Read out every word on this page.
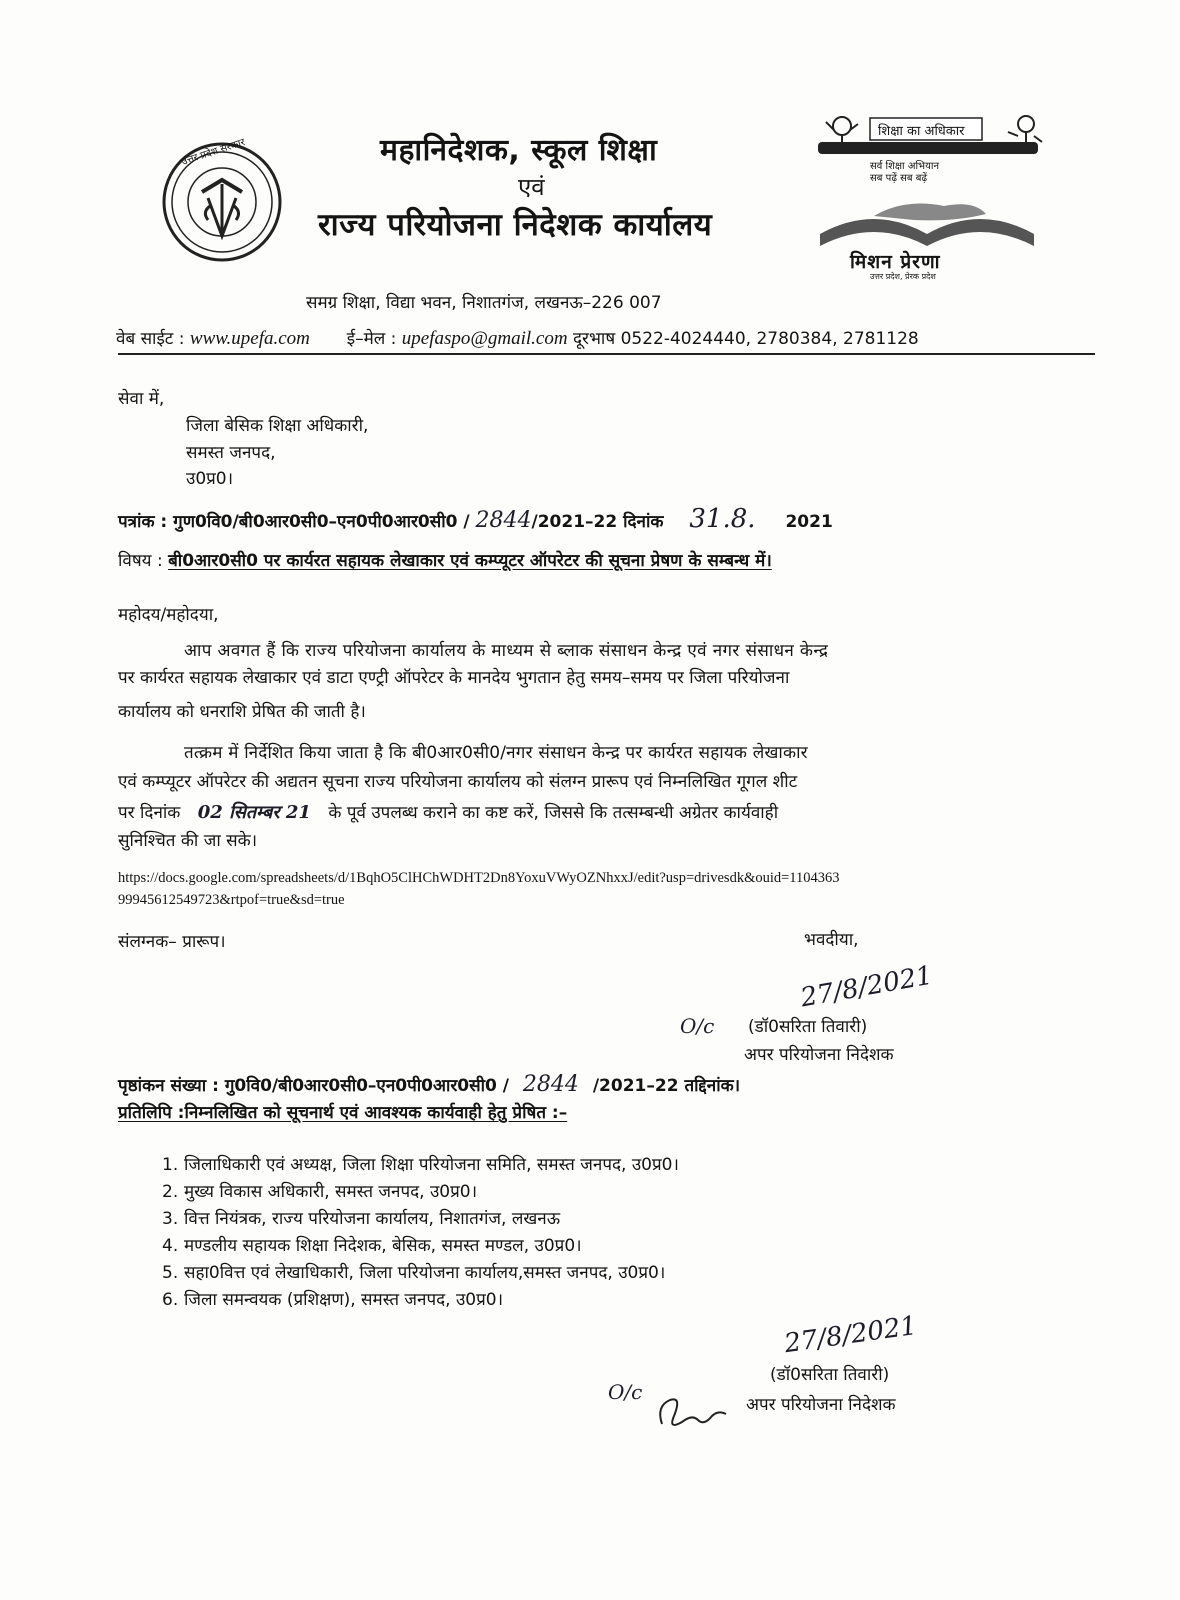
उत्तर प्रदेश सरकार	महानिदेशक, स्कूल शिक्षा
एवं
राज्य परियोजना निदेशक कार्यालय
शिक्षा का अधिकार
सर्व शिक्षा अभियान
सब पढ़ें सब बढ़ें
मिशन प्रेरणा
उत्तर प्रदेश, प्रेरक प्रदेश
समग्र शिक्षा, विद्या भवन, निशातगंज, लखनऊ–226 007
वेब साईट : www.upefa.com ई–मेल : upefaspo@gmail.com दूरभाष 0522-4024440, 2780384, 2781128
सेवा में,
जिला बेसिक शिक्षा अधिकारी,
समस्त जनपद,
उ0प्र0।
पत्रांक : गुण0वि0/बी0आर0सी0–एन0पी0आर0सी0 / 2844/2021–22 दिनांक 31.8. 2021
विषय : बी0आर0सी0 पर कार्यरत सहायक लेखाकार एवं कम्प्यूटर ऑपरेटर की सूचना प्रेषण के सम्बन्ध में।
महोदय/महोदया,
आप अवगत हैं कि राज्य परियोजना कार्यालय के माध्यम से ब्लाक संसाधन केन्द्र एवं नगर संसाधन केन्द्र
पर कार्यरत सहायक लेखाकार एवं डाटा एण्ट्री ऑपरेटर के मानदेय भुगतान हेतु समय–समय पर जिला परियोजना
कार्यालय को धनराशि प्रेषित की जाती है।
तत्क्रम में निर्देशित किया जाता है कि बी0आर0सी0/नगर संसाधन केन्द्र पर कार्यरत सहायक लेखाकार
एवं कम्प्यूटर ऑपरेटर की अद्यतन सूचना राज्य परियोजना कार्यालय को संलग्न प्रारूप एवं निम्नलिखित गूगल शीट
पर दिनांक 02 सितम्बर 21 के पूर्व उपलब्ध कराने का कष्ट करें, जिससे कि तत्सम्बन्धी अग्रेतर कार्यवाही
सुनिश्चित की जा सके।
https://docs.google.com/spreadsheets/d/1BqhO5ClHChWDHT2Dn8YoxuVWyOZNhxxJ/edit?usp=drivesdk&ouid=1104363
99945612549723&rtpof=true&sd=true
संलग्नक– प्रारूप।	भवदीया,
27/8/2021
O/c (डॉ0सरिता तिवारी)
अपर परियोजना निदेशक
पृष्ठांकन संख्या : गु0वि0/बी0आर0सी0–एन0पी0आर0सी0 / 2844 /2021–22 तद्दिनांक।
प्रतिलिपि :निम्नलिखित को सूचनार्थ एवं आवश्यक कार्यवाही हेतु प्रेषित :–
1. जिलाधिकारी एवं अध्यक्ष, जिला शिक्षा परियोजना समिति, समस्त जनपद, उ0प्र0।
2. मुख्य विकास अधिकारी, समस्त जनपद, उ0प्र0।
3. वित्त नियंत्रक, राज्य परियोजना कार्यालय, निशातगंज, लखनऊ
4. मण्डलीय सहायक शिक्षा निदेशक, बेसिक, समस्त मण्डल, उ0प्र0।
5. सहा0वित्त एवं लेखाधिकारी, जिला परियोजना कार्यालय,समस्त जनपद, उ0प्र0।
6. जिला समन्वयक (प्रशिक्षण), समस्त जनपद, उ0प्र0।
27/8/2021
(डॉ0सरिता तिवारी)
O/c
अपर परियोजना निदेशक
